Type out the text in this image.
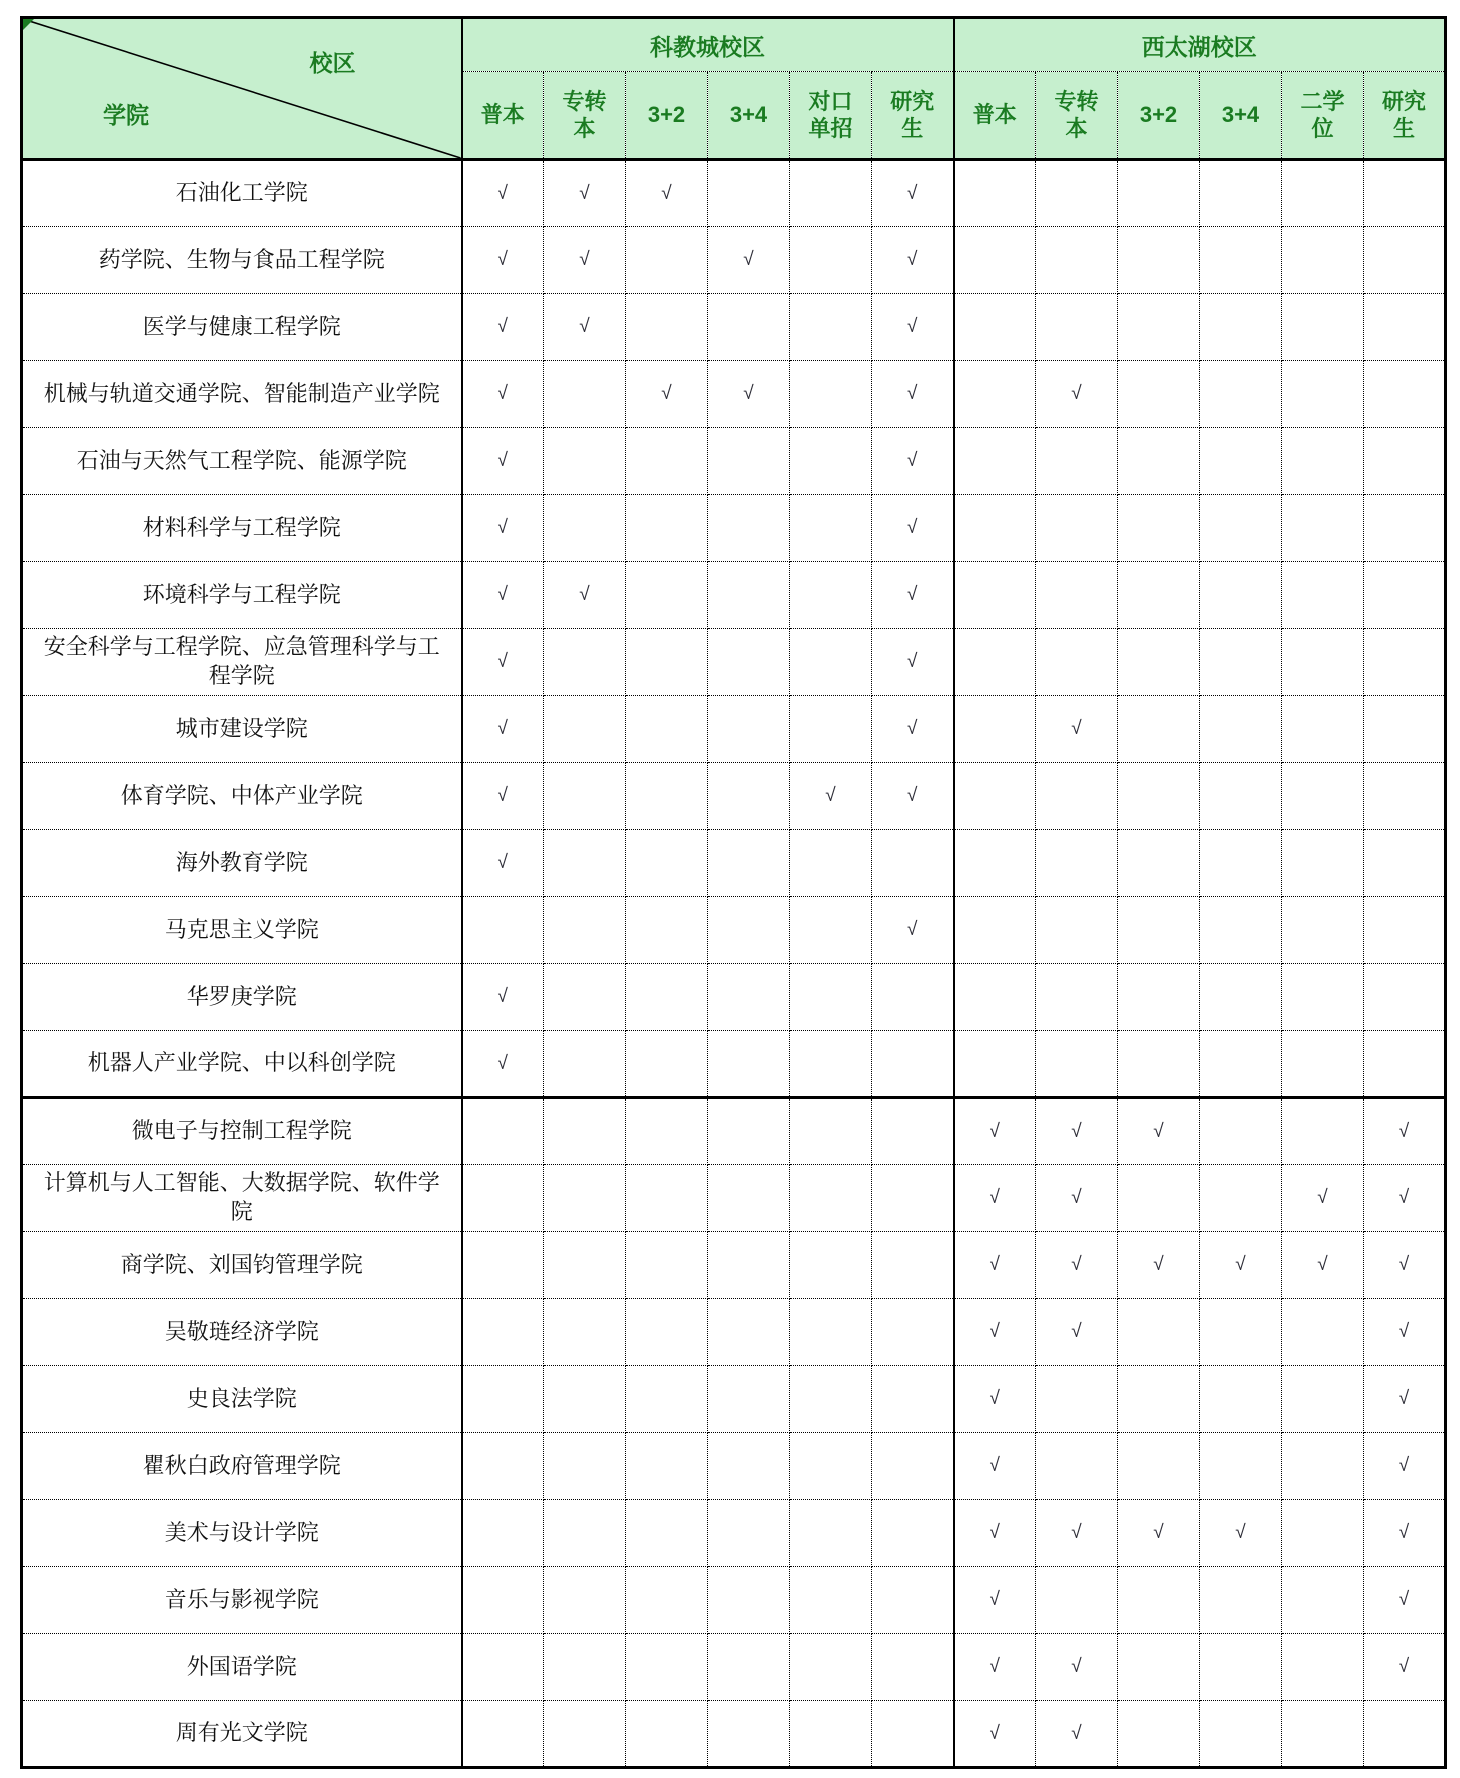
校区
学院	科教城校区						西太湖校区					
	普本	专转本	3+2	3+4	对口单招	研究生	普本	专转本	3+2	3+4	二学位	研究生
石油化工学院	√	√	√			√						
药学院、生物与食品工程学院	√	√		√		√						
医学与健康工程学院	√	√				√						
机械与轨道交通学院、智能制造产业学院	√		√	√		√		√				
石油与天然气工程学院、能源学院	√					√						
材料科学与工程学院	√					√						
环境科学与工程学院	√	√				√						
安全科学与工程学院、应急管理科学与工程学院	√					√						
城市建设学院	√					√		√				
体育学院、中体产业学院	√				√	√						
海外教育学院	√											
马克思主义学院						√						
华罗庚学院	√											
机器人产业学院、中以科创学院	√											
微电子与控制工程学院							√	√	√			√
计算机与人工智能、大数据学院、软件学院							√	√			√	√
商学院、刘国钧管理学院							√	√	√	√	√	√
吴敬琏经济学院							√	√				√
史良法学院							√					√
瞿秋白政府管理学院							√					√
美术与设计学院							√	√	√	√		√
音乐与影视学院							√					√
外国语学院							√	√				√
周有光文学院							√	√				
